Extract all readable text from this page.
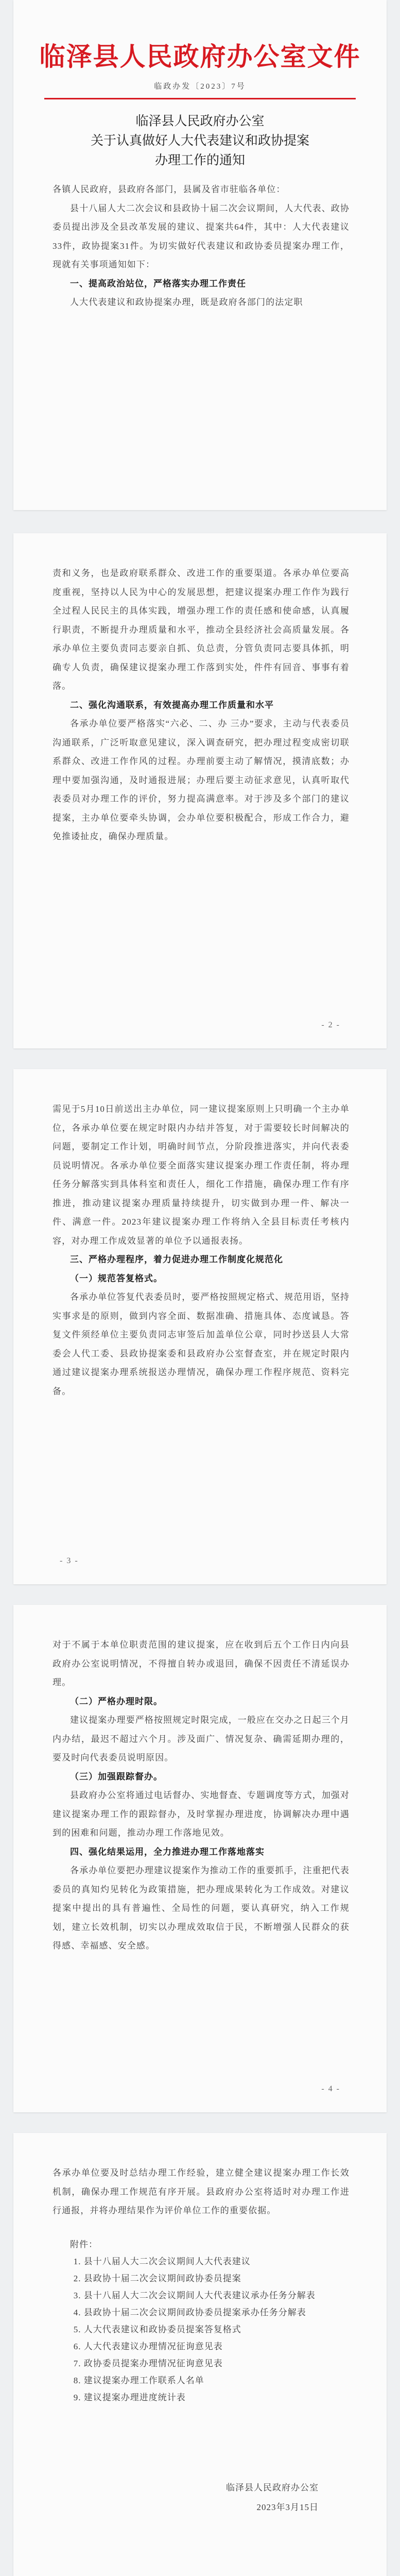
临泽县人民政府办公室文件
临政办发〔2023〕7号
临泽县人民政府办公室
关于认真做好人大代表建议和政协提案
办理工作的通知

各镇人民政府，县政府各部门，县属及省市驻临各单位：

县十八届人大二次会议和县政协十届二次会议期间，人大代表、政协委员提出涉及全县改革发展的建议、提案共64件，其中：人大代表建议33件，政协提案31件。为切实做好代表建议和政协委员提案办理工作，现就有关事项通知如下：

一、提高政治站位，严格落实办理工作责任

人大代表建议和政协提案办理，既是政府各部门的法定职

责和义务，也是政府联系群众、改进工作的重要渠道。各承办单位要高度重视，坚持以人民为中心的发展思想，把建议提案办理工作作为践行全过程人民民主的具体实践，增强办理工作的责任感和使命感，认真履行职责，不断提升办理质量和水平，推动全县经济社会高质量发展。各承办单位主要负责同志要亲自抓、负总责，分管负责同志要具体抓，明确专人负责，确保建议提案办理工作落到实处，件件有回音、事事有着落。

二、强化沟通联系，有效提高办理工作质量和水平

各承办单位要严格落实“六必、二、办 三办”要求，主动与代表委员沟通联系，广泛听取意见建议，深入调查研究，把办理过程变成密切联系群众、改进工作作风的过程。办理前要主动了解情况，摸清底数；办理中要加强沟通，及时通报进展；办理后要主动征求意见，认真听取代表委员对办理工作的评价，努力提高满意率。对于涉及多个部门的建议提案，主办单位要牵头协调，会办单位要积极配合，形成工作合力，避免推诿扯皮，确保办理质量。

- 2 -

需见于5月10日前送出主办单位，同一建议提案原则上只明确一个主办单位，各承办单位要在规定时限内办结并答复，对于需要较长时间解决的问题，要制定工作计划，明确时间节点，分阶段推进落实，并向代表委员说明情况。各承办单位要全面落实建议提案办理工作责任制，将办理任务分解落实到具体科室和责任人，细化工作措施，确保办理工作有序推进，推动建议提案办理质量持续提升，切实做到办理一件、解决一件、满意一件。2023年建议提案办理工作将纳入全县目标责任考核内容，对办理工作成效显著的单位予以通报表扬。

三、严格办理程序，着力促进办理工作制度化规范化

（一）规范答复格式。

各承办单位答复代表委员时，要严格按照规定格式、规范用语，坚持实事求是的原则，做到内容全面、数据准确、措施具体、态度诚恳。答复文件须经单位主要负责同志审签后加盖单位公章，同时抄送县人大常委会人代工委、县政协提案委和县政府办公室督查室，并在规定时限内通过建议提案办理系统报送办理情况，确保办理工作程序规范、资料完备。

- 3 -

对于不属于本单位职责范围的建议提案，应在收到后五个工作日内向县政府办公室说明情况，不得擅自转办或退回，确保不因责任不清延误办理。

（二）严格办理时限。

建议提案办理要严格按照规定时限完成，一般应在交办之日起三个月内办结，最迟不超过六个月。涉及面广、情况复杂、确需延期办理的，要及时向代表委员说明原因。

（三）加强跟踪督办。

县政府办公室将通过电话督办、实地督查、专题调度等方式，加强对建议提案办理工作的跟踪督办，及时掌握办理进度，协调解决办理中遇到的困难和问题，推动办理工作落地见效。

四、强化结果运用，全力推进办理工作落地落实

各承办单位要把办理建议提案作为推动工作的重要抓手，注重把代表委员的真知灼见转化为政策措施，把办理成果转化为工作成效。对建议提案中提出的具有普遍性、全局性的问题，要认真研究，纳入工作规划，建立长效机制，切实以办理成效取信于民，不断增强人民群众的获得感、幸福感、安全感。

- 4 -

各承办单位要及时总结办理工作经验，建立健全建议提案办理工作长效机制，确保办理工作规范有序开展。县政府办公室将适时对办理工作进行通报，并将办理结果作为评价单位工作的重要依据。

附件：
1. 县十八届人大二次会议期间人大代表建议
2. 县政协十届二次会议期间政协委员提案
3. 县十八届人大二次会议期间人大代表建议承办任务分解表
4. 县政协十届二次会议期间政协委员提案承办任务分解表
5. 人大代表建议和政协委员提案答复格式
6. 人大代表建议办理情况征询意见表
7. 政协委员提案办理情况征询意见表
8. 建议提案办理工作联系人名单
9. 建议提案办理进度统计表
临泽县人民政府办公室
2023年3月15日
